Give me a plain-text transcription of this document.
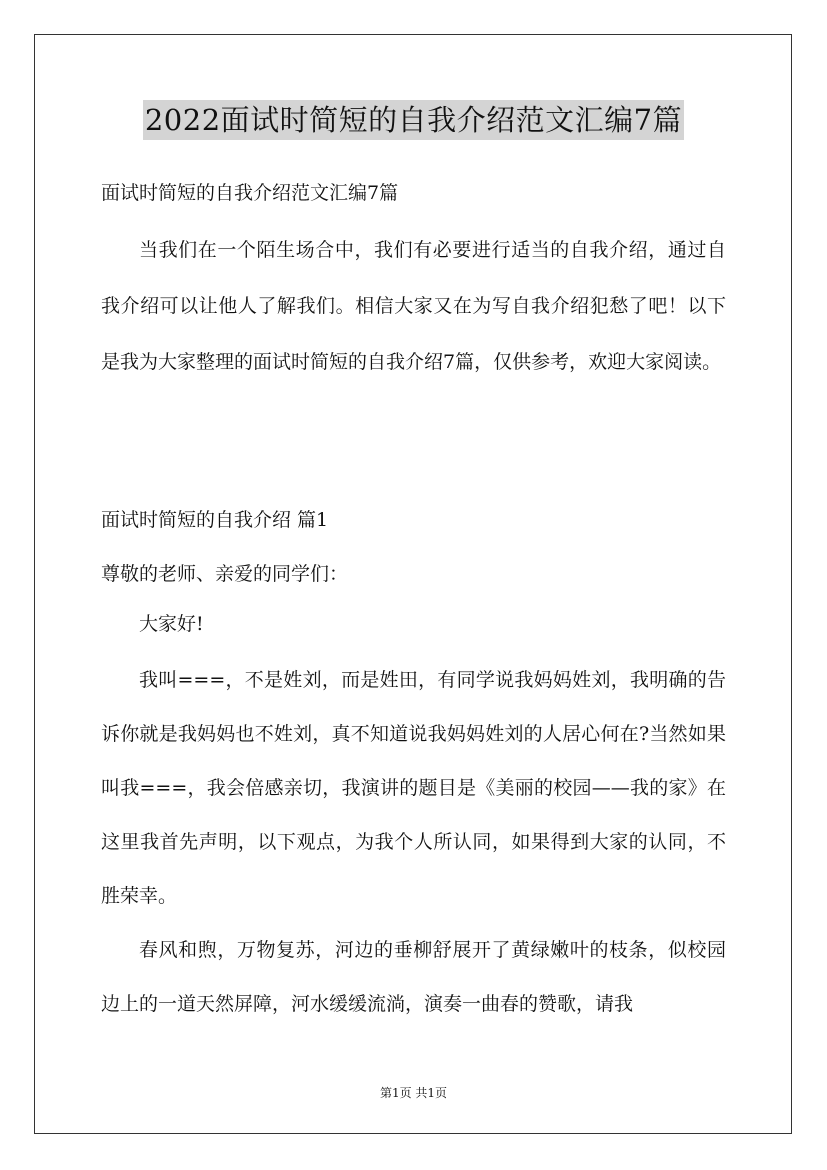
2022面试时简短的自我介绍范文汇编7篇
面试时简短的自我介绍范文汇编7篇
当我们在一个陌生场合中，我们有必要进行适当的自我介绍，通过自我介绍可以让他人了解我们。相信大家又在为写自我介绍犯愁了吧！以下是我为大家整理的面试时简短的自我介绍7篇，仅供参考，欢迎大家阅读。
面试时简短的自我介绍 篇1
尊敬的老师、亲爱的同学们：
大家好!
我叫===，不是姓刘，而是姓田，有同学说我妈妈姓刘，我明确的告诉你就是我妈妈也不姓刘，真不知道说我妈妈姓刘的人居心何在?当然如果叫我===，我会倍感亲切，我演讲的题目是《美丽的校园——我的家》在这里我首先声明，以下观点，为我个人所认同，如果得到大家的认同，不胜荣幸。
春风和煦，万物复苏，河边的垂柳舒展开了黄绿嫩叶的枝条，似校园边上的一道天然屏障，河水缓缓流淌，演奏一曲春的赞歌，请我
第1页 共1页
